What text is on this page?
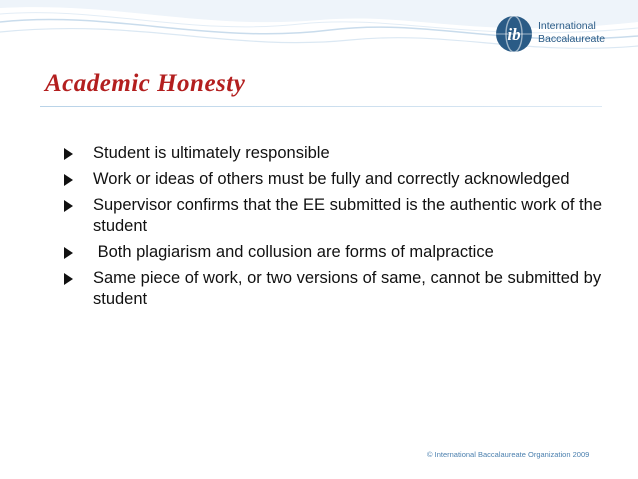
ib International
Baccalaureate
Academic Honesty
Student is ultimately responsible
Work or ideas of others must be fully and correctly acknowledged
Supervisor confirms that the EE submitted is the authentic work of the student
Both plagiarism and collusion are forms of malpractice
Same piece of work, or two versions of same, cannot be submitted by student
© International Baccalaureate Organization 2009
